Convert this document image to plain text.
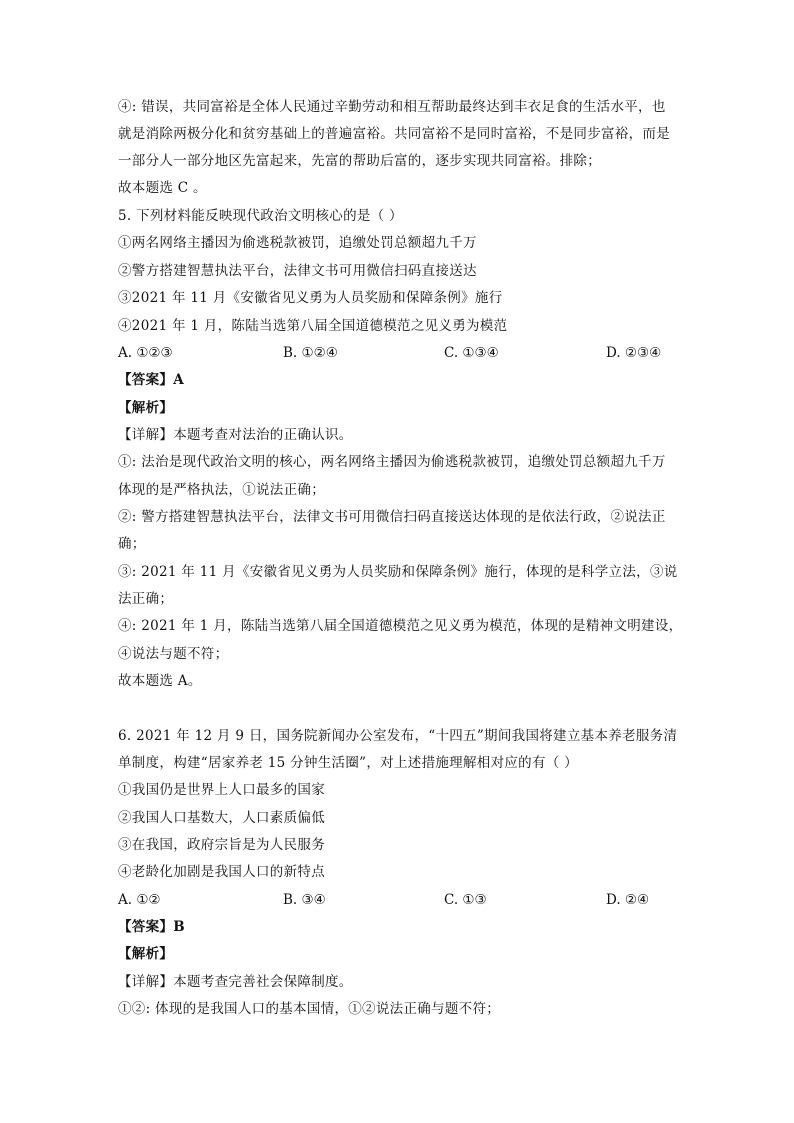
④: 错误，共同富裕是全体人民通过辛勤劳动和相互帮助最终达到丰衣足食的生活水平，也
就是消除两极分化和贫穷基础上的普遍富裕。共同富裕不是同时富裕，不是同步富裕，而是
一部分人一部分地区先富起来，先富的帮助后富的，逐步实现共同富裕。排除；
故本题选 C 。
5. 下列材料能反映现代政治文明核心的是（ ）
①两名网络主播因为偷逃税款被罚，追缴处罚总额超九千万
②警方搭建智慧执法平台，法律文书可用微信扫码直接送达
③2021 年 11 月《安徽省见义勇为人员奖励和保障条例》施行
④2021 年 1 月，陈陆当选第八届全国道德模范之见义勇为模范
A. ①②③	B. ①②④	C. ①③④	D. ②③④
【答案】A
【解析】
【详解】本题考查对法治的正确认识。
①: 法治是现代政治文明的核心，两名网络主播因为偷逃税款被罚，追缴处罚总额超九千万
体现的是严格执法，①说法正确；
②: 警方搭建智慧执法平台，法律文书可用微信扫码直接送达体现的是依法行政，②说法正
确；
③: 2021 年 11 月《安徽省见义勇为人员奖励和保障条例》施行，体现的是科学立法，③说
法正确；
④: 2021 年 1 月，陈陆当选第八届全国道德模范之见义勇为模范，体现的是精神文明建设，
④说法与题不符；
故本题选 A。
6. 2021 年 12 月 9 日，国务院新闻办公室发布，“十四五”期间我国将建立基本养老服务清
单制度，构建“居家养老 15 分钟生活圈”，对上述措施理解相对应的有（ ）
①我国仍是世界上人口最多的国家
②我国人口基数大，人口素质偏低
③在我国，政府宗旨是为人民服务
④老龄化加剧是我国人口的新特点
A. ①②	B. ③④	C. ①③	D. ②④
【答案】B
【解析】
【详解】本题考查完善社会保障制度。
①②: 体现的是我国人口的基本国情，①②说法正确与题不符；
